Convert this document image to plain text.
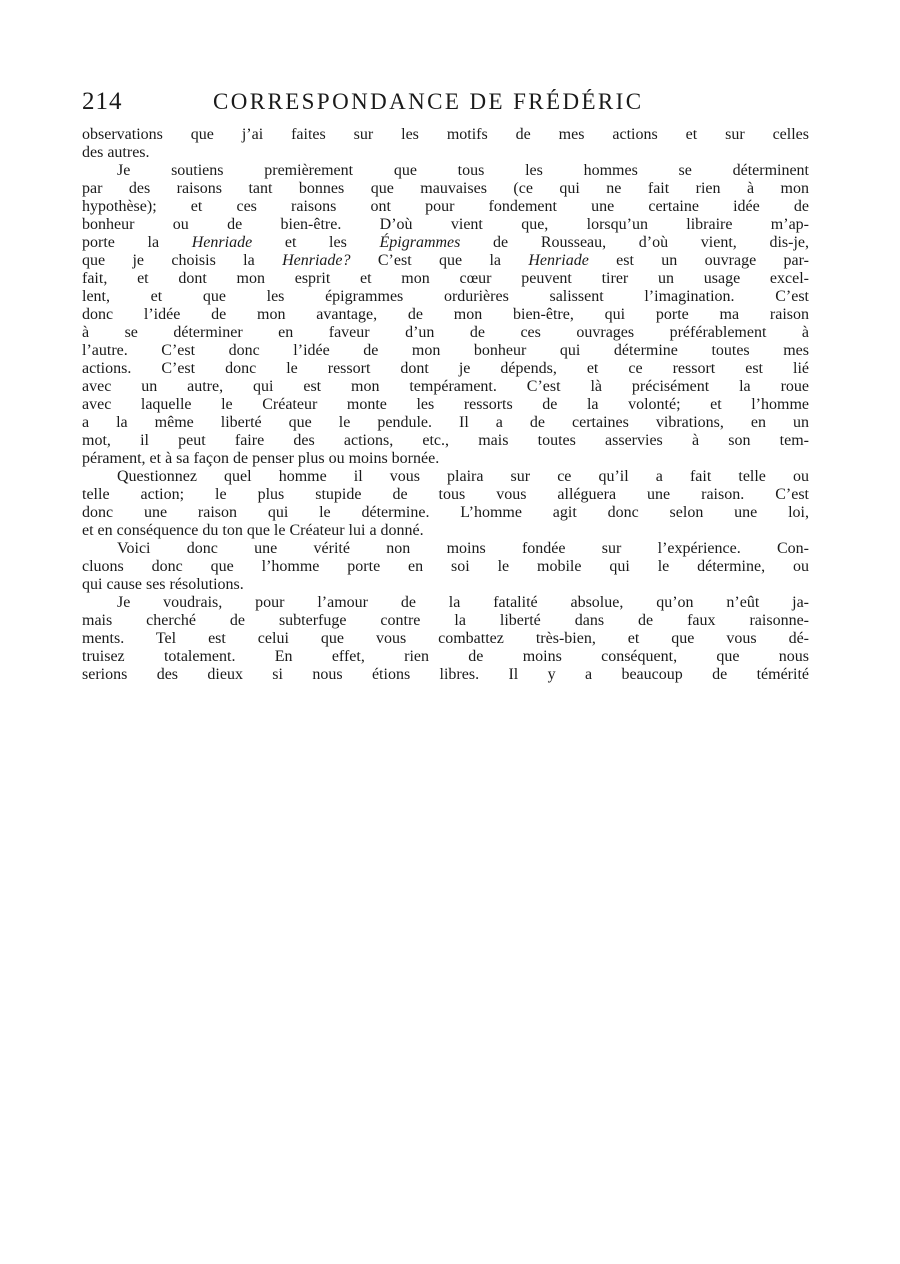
214	CORRESPONDANCE DE FRÉDÉRIC
observations que j’ai faites sur les motifs de mes actions et sur celles
des autres.
Je soutiens premièrement que tous les hommes se déterminent
par des raisons tant bonnes que mauvaises (ce qui ne fait rien à mon
hypothèse); et ces raisons ont pour fondement une certaine idée de
bonheur ou de bien-être. D’où vient que, lorsqu’un libraire m’ap-
porte la Henriade et les Épigrammes de Rousseau, d’où vient, dis-je,
que je choisis la Henriade? C’est que la Henriade est un ouvrage par-
fait, et dont mon esprit et mon cœur peuvent tirer un usage excel-
lent, et que les épigrammes ordurières salissent l’imagination. C’est
donc l’idée de mon avantage, de mon bien-être, qui porte ma raison
à se déterminer en faveur d’un de ces ouvrages préférablement à
l’autre. C’est donc l’idée de mon bonheur qui détermine toutes mes
actions. C’est donc le ressort dont je dépends, et ce ressort est lié
avec un autre, qui est mon tempérament. C’est là précisément la roue
avec laquelle le Créateur monte les ressorts de la volonté; et l’homme
a la même liberté que le pendule. Il a de certaines vibrations, en un
mot, il peut faire des actions, etc., mais toutes asservies à son tem-
pérament, et à sa façon de penser plus ou moins bornée.
Questionnez quel homme il vous plaira sur ce qu’il a fait telle ou
telle action; le plus stupide de tous vous alléguera une raison. C’est
donc une raison qui le détermine. L’homme agit donc selon une loi,
et en conséquence du ton que le Créateur lui a donné.
Voici donc une vérité non moins fondée sur l’expérience. Con-
cluons donc que l’homme porte en soi le mobile qui le détermine, ou
qui cause ses résolutions.
Je voudrais, pour l’amour de la fatalité absolue, qu’on n’eût ja-
mais cherché de subterfuge contre la liberté dans de faux raisonne-
ments. Tel est celui que vous combattez très-bien, et que vous dé-
truisez totalement. En effet, rien de moins conséquent, que nous
serions des dieux si nous étions libres. Il y a beaucoup de témérité
